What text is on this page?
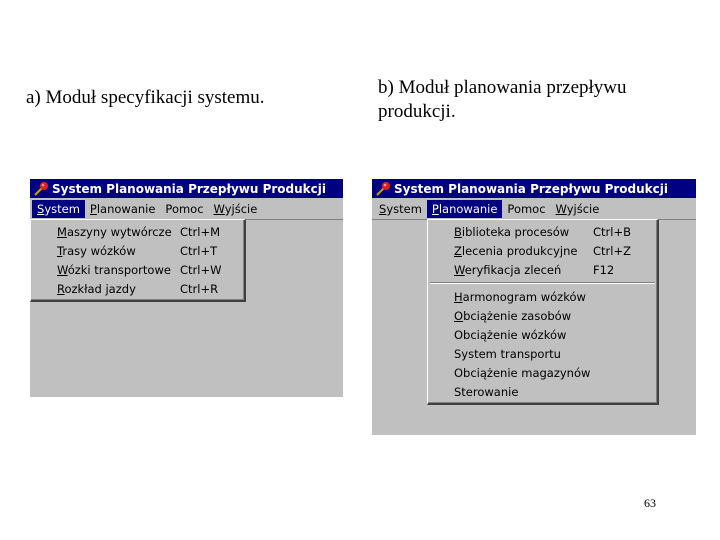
a) Moduł specyfikacji systemu.	b) Moduł planowania przepływu produkcji.
System Planowania Przepływu Produkcji
System Planowanie Pomoc Wyjście
Maszyny wytwórcze Ctrl+M
Trasy wózków	Ctrl+T
Wózki transportowe Ctrl+W
Rozkład jazdy	Ctrl+R
System Planowania Przepływu Produkcji
System Planowanie Pomoc Wyjście
Biblioteka procesów	Ctrl+B
Zlecenia produkcyjne	Ctrl+Z
Weryfikacja zleceń	F12
Harmonogram wózków
Obciążenie zasobów
Obciążenie wózków
System transportu
Obciążenie magazynów
Sterowanie
63
